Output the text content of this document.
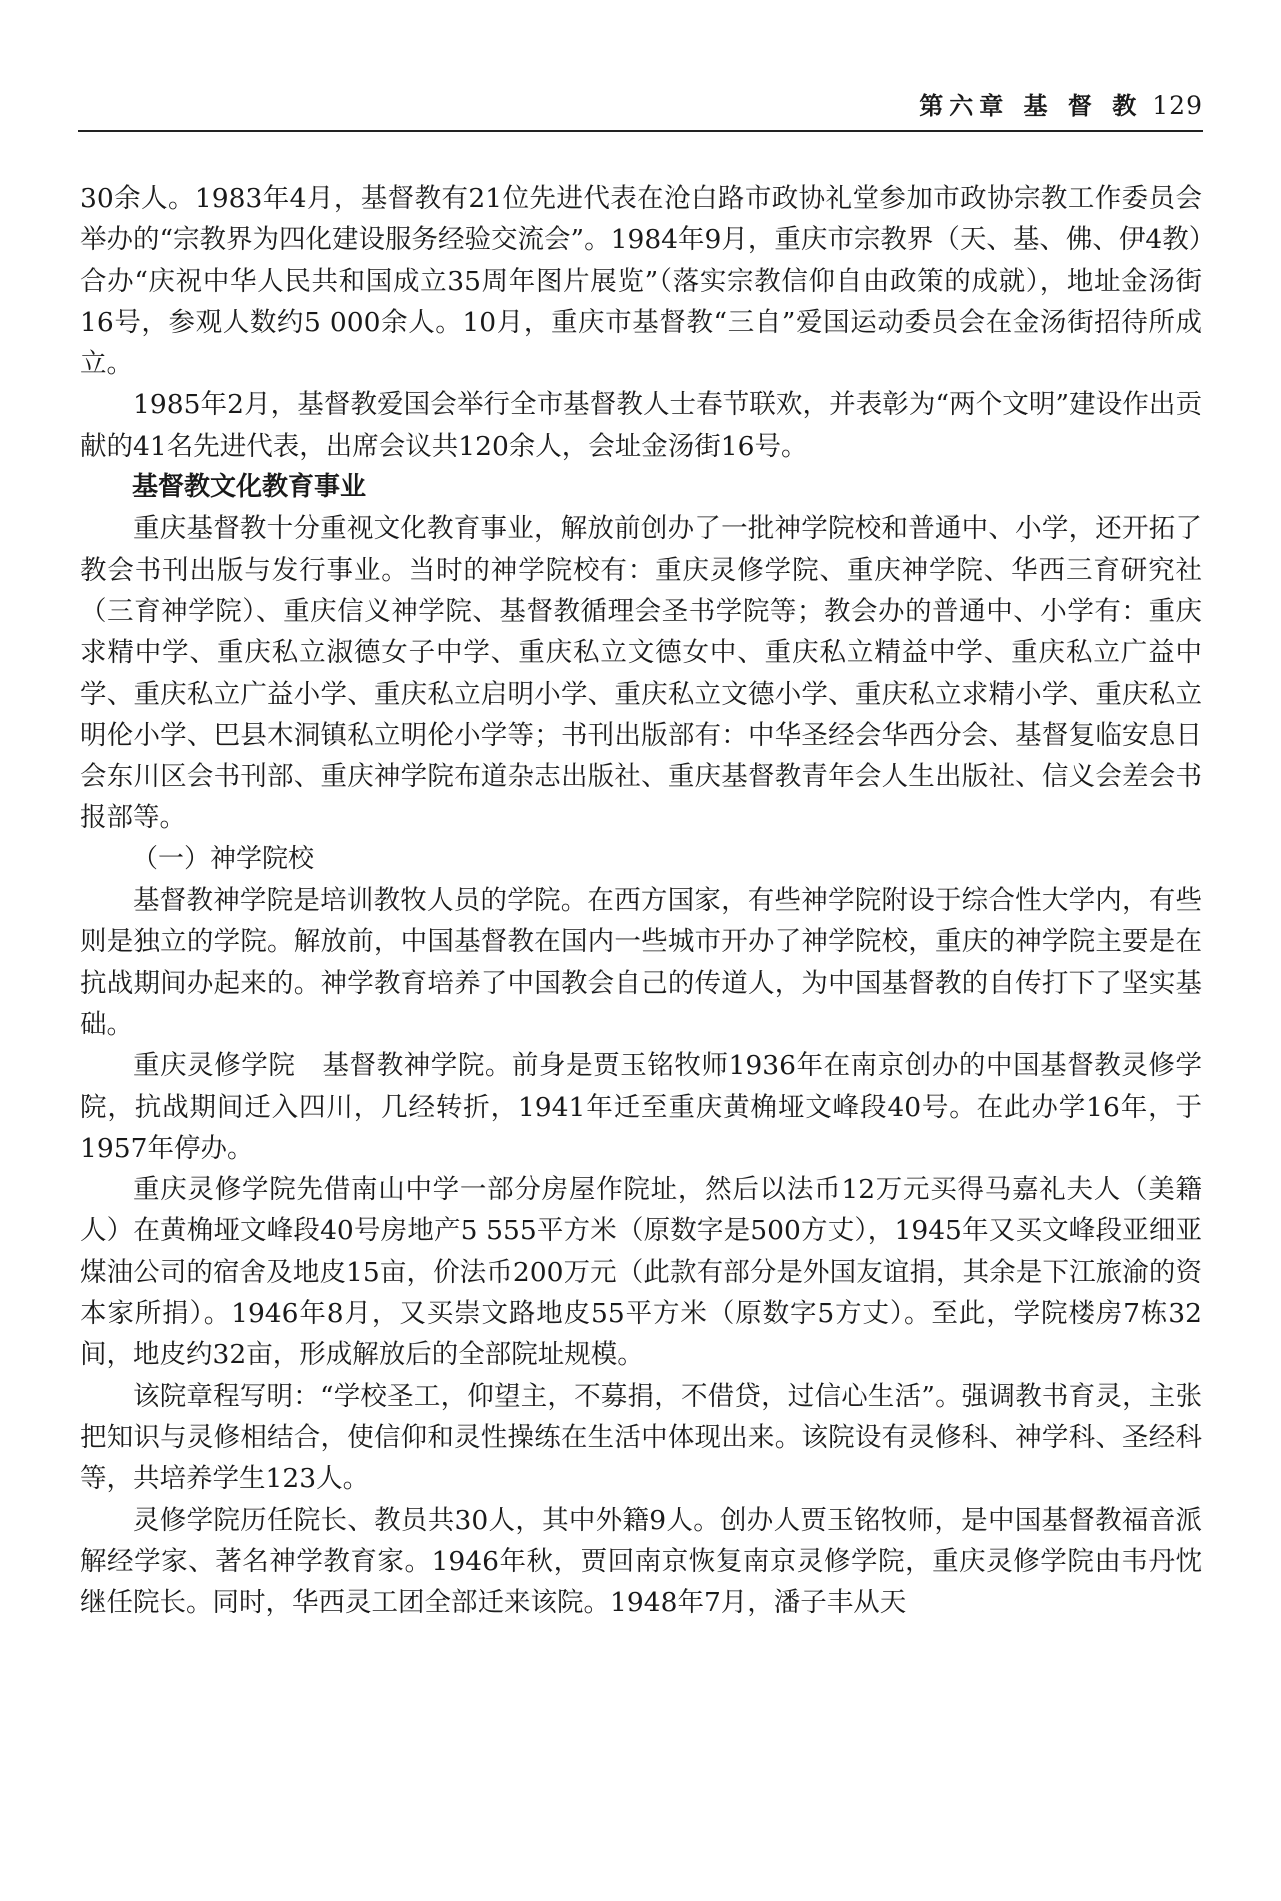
第六章 基 督 教 129

30余人。1983年4月，基督教有21位先进代表在沧白路市政协礼堂参加市政协宗教工作委员会举办的“宗教界为四化建设服务经验交流会”。1984年9月，重庆市宗教界（天、基、佛、伊4教）合办“庆祝中华人民共和国成立35周年图片展览”（落实宗教信仰自由政策的成就），地址金汤街16号，参观人数约5 000余人。10月，重庆市基督教“三自”爱国运动委员会在金汤街招待所成立。

1985年2月，基督教爱国会举行全市基督教人士春节联欢，并表彰为“两个文明”建设作出贡献的41名先进代表，出席会议共120余人，会址金汤街16号。

基督教文化教育事业

重庆基督教十分重视文化教育事业，解放前创办了一批神学院校和普通中、小学，还开拓了教会书刊出版与发行事业。当时的神学院校有：重庆灵修学院、重庆神学院、华西三育研究社（三育神学院）、重庆信义神学院、基督教循理会圣书学院等；教会办的普通中、小学有：重庆求精中学、重庆私立淑德女子中学、重庆私立文德女中、重庆私立精益中学、重庆私立广益中学、重庆私立广益小学、重庆私立启明小学、重庆私立文德小学、重庆私立求精小学、重庆私立明伦小学、巴县木洞镇私立明伦小学等；书刊出版部有：中华圣经会华西分会、基督复临安息日会东川区会书刊部、重庆神学院布道杂志出版社、重庆基督教青年会人生出版社、信义会差会书报部等。

（一）神学院校

基督教神学院是培训教牧人员的学院。在西方国家，有些神学院附设于综合性大学内，有些则是独立的学院。解放前，中国基督教在国内一些城市开办了神学院校，重庆的神学院主要是在抗战期间办起来的。神学教育培养了中国教会自己的传道人，为中国基督教的自传打下了坚实基础。

重庆灵修学院　基督教神学院。前身是贾玉铭牧师1936年在南京创办的中国基督教灵修学院，抗战期间迁入四川，几经转折，1941年迁至重庆黄桷垭文峰段40号。在此办学16年，于1957年停办。

重庆灵修学院先借南山中学一部分房屋作院址，然后以法币12万元买得马嘉礼夫人（美籍人）在黄桷垭文峰段40号房地产5 555平方米（原数字是500方丈），1945年又买文峰段亚细亚煤油公司的宿舍及地皮15亩，价法币200万元（此款有部分是外国友谊捐，其余是下江旅渝的资本家所捐）。1946年8月，又买崇文路地皮55平方米（原数字5方丈）。至此，学院楼房7栋32间，地皮约32亩，形成解放后的全部院址规模。

该院章程写明：“学校圣工，仰望主，不募捐，不借贷，过信心生活”。强调教书育灵，主张把知识与灵修相结合，使信仰和灵性操练在生活中体现出来。该院设有灵修科、神学科、圣经科等，共培养学生123人。

灵修学院历任院长、教员共30人，其中外籍9人。创办人贾玉铭牧师，是中国基督教福音派解经学家、著名神学教育家。1946年秋，贾回南京恢复南京灵修学院，重庆灵修学院由韦丹忱继任院长。同时，华西灵工团全部迁来该院。1948年7月，潘子丰从天
